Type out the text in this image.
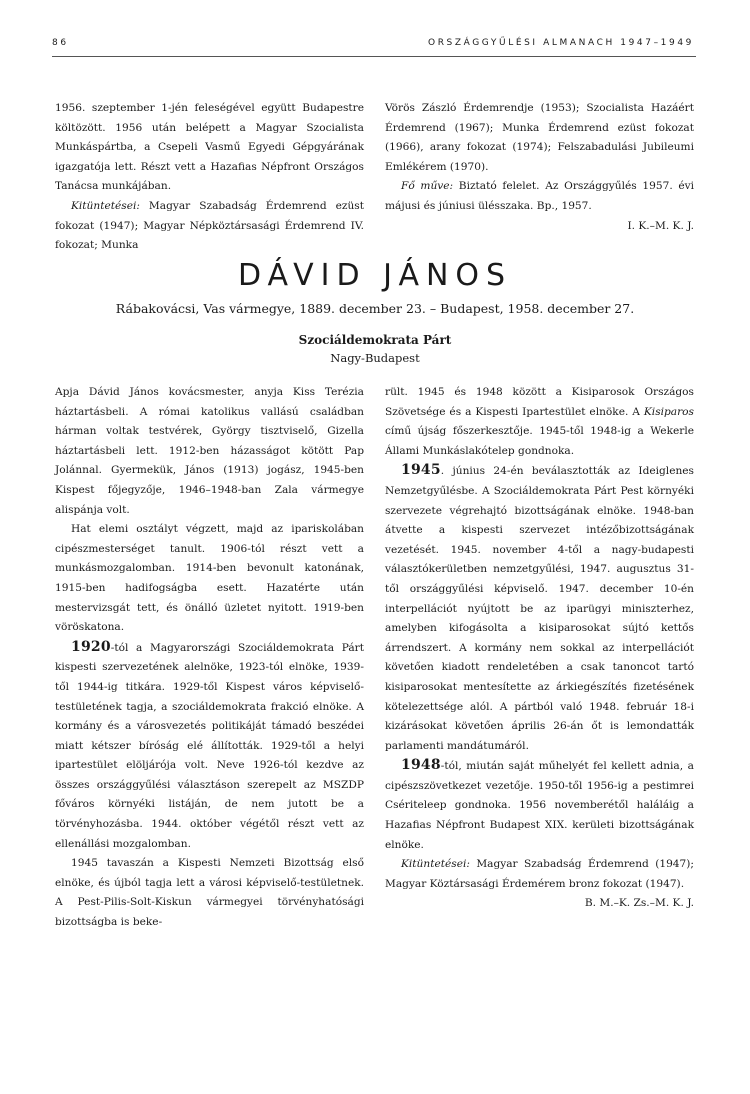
86	ORSZÁGGYŰLÉSI ALMANACH 1947–1949

1956. szeptember 1-jén feleségével együtt Budapestre költözött. 1956 után belépett a Magyar Szocialista Munkáspártba, a Csepeli Vasmű Egyedi Gépgyárának igazgatója lett. Részt vett a Hazafias Népfront Országos Tanácsa munkájában.

Kitüntetései: Magyar Szabadság Érdemrend ezüst fokozat (1947); Magyar Népköztársasági Érdemrend IV. fokozat; Munka

Vörös Zászló Érdemrendje (1953); Szocialista Hazáért Érdemrend (1967); Munka Érdemrend ezüst fokozat (1966), arany fokozat (1974); Felszabadulási Jubileumi Emlékérem (1970).

Fő műve: Biztató felelet. Az Országgyűlés 1957. évi májusi és júniusi ülésszaka. Bp., 1957.

I. K.–M. K. J.

DÁVID JÁNOS
Rábakovácsi, Vas vármegye, 1889. december 23. – Budapest, 1958. december 27.
Szociáldemokrata Párt
Nagy-Budapest

Apja Dávid János kovácsmester, anyja Kiss Terézia háztartásbeli. A római katolikus vallású családban hárman voltak testvérek, György tisztviselő, Gizella háztartásbeli lett. 1912-ben házasságot kötött Pap Jolánnal. Gyermekük, János (1913) jogász, 1945-ben Kispest főjegyzője, 1946–1948-ban Zala vármegye alispánja volt.

Hat elemi osztályt végzett, majd az ipariskolában cipészmesterséget tanult. 1906-tól részt vett a munkásmozgalomban. 1914-ben bevonult katonának, 1915-ben hadifogságba esett. Hazatérte után mestervizsgát tett, és önálló üzletet nyitott. 1919-ben vöröskatona.

1920-tól a Magyarországi Szociáldemokrata Párt kispesti szervezetének alelnöke, 1923-tól elnöke, 1939-től 1944-ig titkára. 1929-től Kispest város képviselő-testületének tagja, a szociáldemokrata frakció elnöke. A kormány és a városvezetés politikáját támadó beszédei miatt kétszer bíróság elé állították. 1929-től a helyi ipartestület elöljárója volt. Neve 1926-tól kezdve az összes országgyűlési választáson szerepelt az MSZDP főváros környéki listáján, de nem jutott be a törvényhozásba. 1944. október végétől részt vett az ellenállási mozgalomban.

1945 tavaszán a Kispesti Nemzeti Bizottság első elnöke, és újból tagja lett a városi képviselő-testületnek. A Pest-Pilis-Solt-Kiskun vármegyei törvényhatósági bizottságba is beke-

rült. 1945 és 1948 között a Kisiparosok Országos Szövetsége és a Kispesti Ipartestület elnöke. A Kisiparos című újság főszerkesztője. 1945-től 1948-ig a Wekerle Állami Munkáslakótelep gondnoka.

1945. június 24-én beválasztották az Ideiglenes Nemzetgyűlésbe. A Szociáldemokrata Párt Pest környéki szervezete végrehajtó bizottságának elnöke. 1948-ban átvette a kispesti szervezet intézőbizottságának vezetését. 1945. november 4-től a nagy-budapesti választókerületben nemzetgyűlési, 1947. augusztus 31-től országgyűlési képviselő. 1947. december 10-én interpellációt nyújtott be az iparügyi miniszterhez, amelyben kifogásolta a kisiparosokat sújtó kettős árrendszert. A kormány nem sokkal az interpellációt követően kiadott rendeletében a csak tanoncot tartó kisiparosokat mentesítette az árkiegészítés fizetésének kötelezettsége alól. A pártból való 1948. február 18-i kizárásokat követően április 26-án őt is lemondatták parlamenti mandátumáról.

1948-tól, miután saját műhelyét fel kellett adnia, a cipészszövetkezet vezetője. 1950-től 1956-ig a pestimrei Csériteleep gondnoka. 1956 novemberétől haláláig a Hazafias Népfront Budapest XIX. kerületi bizottságának elnöke.

Kitüntetései: Magyar Szabadság Érdemrend (1947); Magyar Köztársasági Érdemérem bronz fokozat (1947).

B. M.–K. Zs.–M. K. J.
